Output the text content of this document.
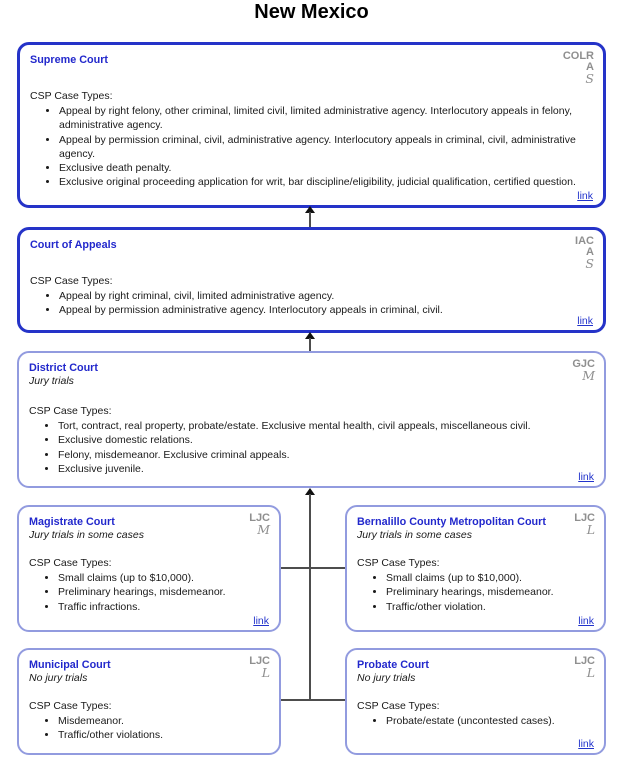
New Mexico
COLR
A
S
Supreme Court
CSP Case Types:
• Appeal by right felony, other criminal, limited civil, limited administrative agency. Interlocutory appeals in felony, administrative agency.
• Appeal by permission criminal, civil, administrative agency. Interlocutory appeals in criminal, civil, administrative agency.
• Exclusive death penalty.
• Exclusive original proceeding application for writ, bar discipline/eligibility, judicial qualification, certified question.
link
IAC
A
S
Court of Appeals
CSP Case Types:
• Appeal by right criminal, civil, limited administrative agency.
• Appeal by permission administrative agency. Interlocutory appeals in criminal, civil.
link
GJC
M
District Court
Jury trials
CSP Case Types:
• Tort, contract, real property, probate/estate. Exclusive mental health, civil appeals, miscellaneous civil.
• Exclusive domestic relations.
• Felony, misdemeanor. Exclusive criminal appeals.
• Exclusive juvenile.
link
LJC
M
Magistrate Court
Jury trials in some cases
CSP Case Types:
• Small claims (up to $10,000).
• Preliminary hearings, misdemeanor.
• Traffic infractions.
link
LJC
L
Bernalillo County Metropolitan Court
Jury trials in some cases
CSP Case Types:
• Small claims (up to $10,000).
• Preliminary hearings, misdemeanor.
• Traffic/other violation.
link
LJC
L
Municipal Court
No jury trials
CSP Case Types:
• Misdemeanor.
• Traffic/other violations.
LJC
L
Probate Court
No jury trials
CSP Case Types:
• Probate/estate (uncontested cases).
link
